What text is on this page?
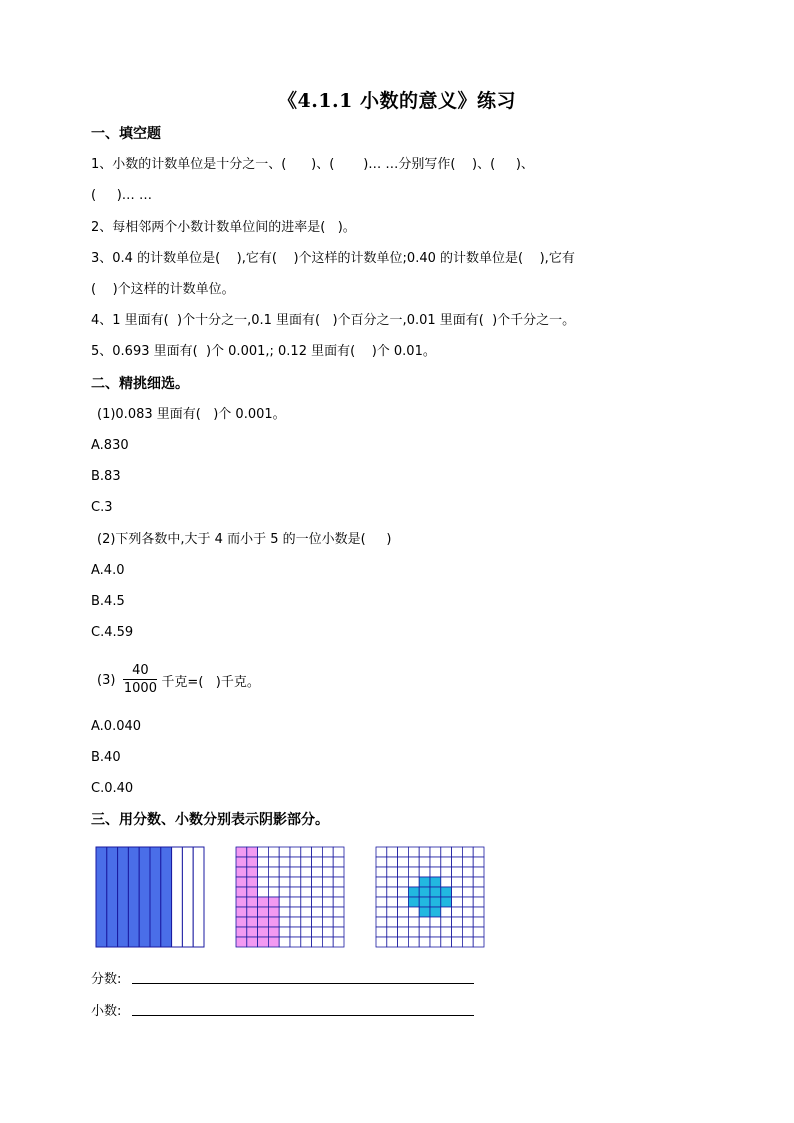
《4.1.1 小数的意义》练习
一、填空题
1、小数的计数单位是十分之一、(      )、(       )… …分别写作(    )、(     )、
(     )… …
2、每相邻两个小数计数单位间的进率是(   )。
3、0.4 的计数单位是(    ),它有(    )个这样的计数单位;0.40 的计数单位是(    ),它有
(    )个这样的计数单位。
4、1 里面有(  )个十分之一,0.1 里面有(   )个百分之一,0.01 里面有(  )个千分之一。
5、0.693 里面有(  )个 0.001,; 0.12 里面有(    )个 0.01。
二、精挑细选。
(1)0.083 里面有(   )个 0.001。
A.830
B.83
C.3
(2)下列各数中,大于 4 而小于 5 的一位小数是(     )
A.4.0
B.4.5
C.4.59
$(3) \frac{40}{1000}$ 千克=(   )千克。
A.0.040
B.40
C.0.40
三、用分数、小数分别表示阴影部分。
分数:
小数:
